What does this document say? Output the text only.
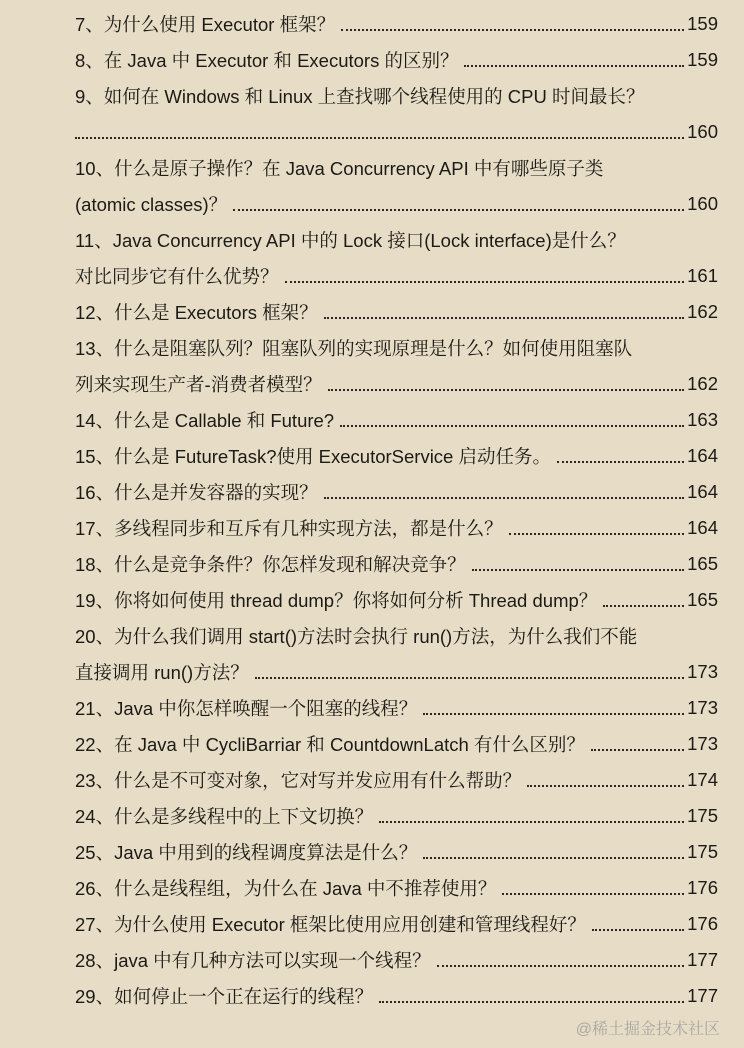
7、为什么使用 Executor 框架？	159
8、在 Java 中 Executor 和 Executors 的区别？	159
9、如何在 Windows 和 Linux 上查找哪个线程使用的 CPU 时间最长？
160
10、什么是原子操作？在 Java Concurrency API 中有哪些原子类
(atomic classes)？	160
11、Java Concurrency API 中的 Lock 接口(Lock interface)是什么？
对比同步它有什么优势？	161
12、什么是 Executors 框架？	162
13、什么是阻塞队列？阻塞队列的实现原理是什么？如何使用阻塞队
列来实现生产者-消费者模型？	162
14、什么是 Callable 和 Future?	163
15、什么是 FutureTask?使用 ExecutorService 启动任务。	164
16、什么是并发容器的实现？	164
17、多线程同步和互斥有几种实现方法，都是什么？	164
18、什么是竞争条件？你怎样发现和解决竞争？	165
19、你将如何使用 thread dump？你将如何分析 Thread dump？	165
20、为什么我们调用 start()方法时会执行 run()方法，为什么我们不能
直接调用 run()方法？	173
21、Java 中你怎样唤醒一个阻塞的线程？	173
22、在 Java 中 CycliBarriar 和 CountdownLatch 有什么区别？	173
23、什么是不可变对象，它对写并发应用有什么帮助？	174
24、什么是多线程中的上下文切换？	175
25、Java 中用到的线程调度算法是什么？	175
26、什么是线程组，为什么在 Java 中不推荐使用？	176
27、为什么使用 Executor 框架比使用应用创建和管理线程好？	176
28、java 中有几种方法可以实现一个线程？	177
29、如何停止一个正在运行的线程？	177
@稀土掘金技术社区
